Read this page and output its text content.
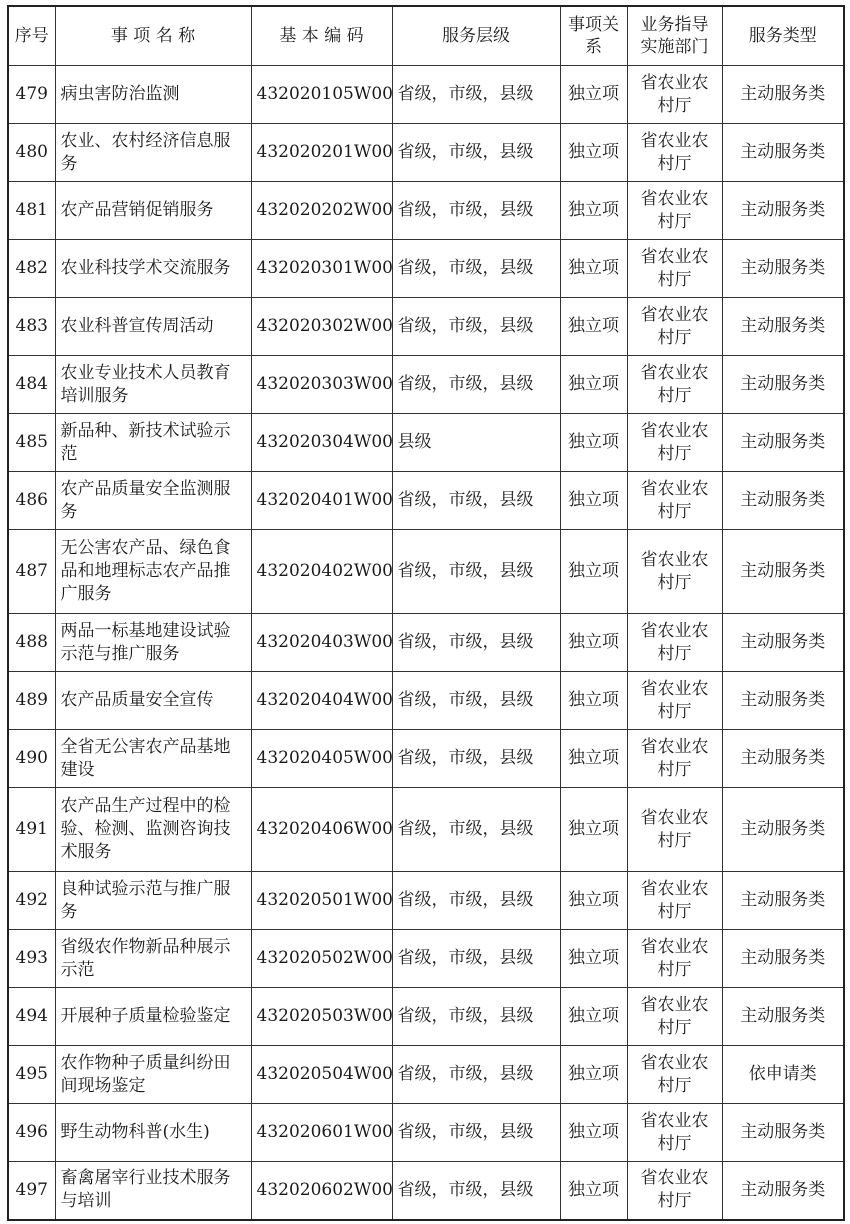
序号	事 项 名 称	基 本 编 码	服务层级	事项关系	业务指导实施部门	服务类型
479	病虫害防治监测	432020105W00	省级，市级，县级	独立项	省农业农村厅	主动服务类
480	农业、农村经济信息服务	432020201W00	省级，市级，县级	独立项	省农业农村厅	主动服务类
481	农产品营销促销服务	432020202W00	省级，市级，县级	独立项	省农业农村厅	主动服务类
482	农业科技学术交流服务	432020301W00	省级，市级，县级	独立项	省农业农村厅	主动服务类
483	农业科普宣传周活动	432020302W00	省级，市级，县级	独立项	省农业农村厅	主动服务类
484	农业专业技术人员教育培训服务	432020303W00	省级，市级，县级	独立项	省农业农村厅	主动服务类
485	新品种、新技术试验示范	432020304W00	县级	独立项	省农业农村厅	主动服务类
486	农产品质量安全监测服务	432020401W00	省级，市级，县级	独立项	省农业农村厅	主动服务类
487	无公害农产品、绿色食品和地理标志农产品推广服务	432020402W00	省级，市级，县级	独立项	省农业农村厅	主动服务类
488	两品一标基地建设试验示范与推广服务	432020403W00	省级，市级，县级	独立项	省农业农村厅	主动服务类
489	农产品质量安全宣传	432020404W00	省级，市级，县级	独立项	省农业农村厅	主动服务类
490	全省无公害农产品基地建设	432020405W00	省级，市级，县级	独立项	省农业农村厅	主动服务类
491	农产品生产过程中的检验、检测、监测咨询技术服务	432020406W00	省级，市级，县级	独立项	省农业农村厅	主动服务类
492	良种试验示范与推广服务	432020501W00	省级，市级，县级	独立项	省农业农村厅	主动服务类
493	省级农作物新品种展示示范	432020502W00	省级，市级，县级	独立项	省农业农村厅	主动服务类
494	开展种子质量检验鉴定	432020503W00	省级，市级，县级	独立项	省农业农村厅	主动服务类
495	农作物种子质量纠纷田间现场鉴定	432020504W00	省级，市级，县级	独立项	省农业农村厅	依申请类
496	野生动物科普(水生)	432020601W00	省级，市级，县级	独立项	省农业农村厅	主动服务类
497	畜禽屠宰行业技术服务与培训	432020602W00	省级，市级，县级	独立项	省农业农村厅	主动服务类
